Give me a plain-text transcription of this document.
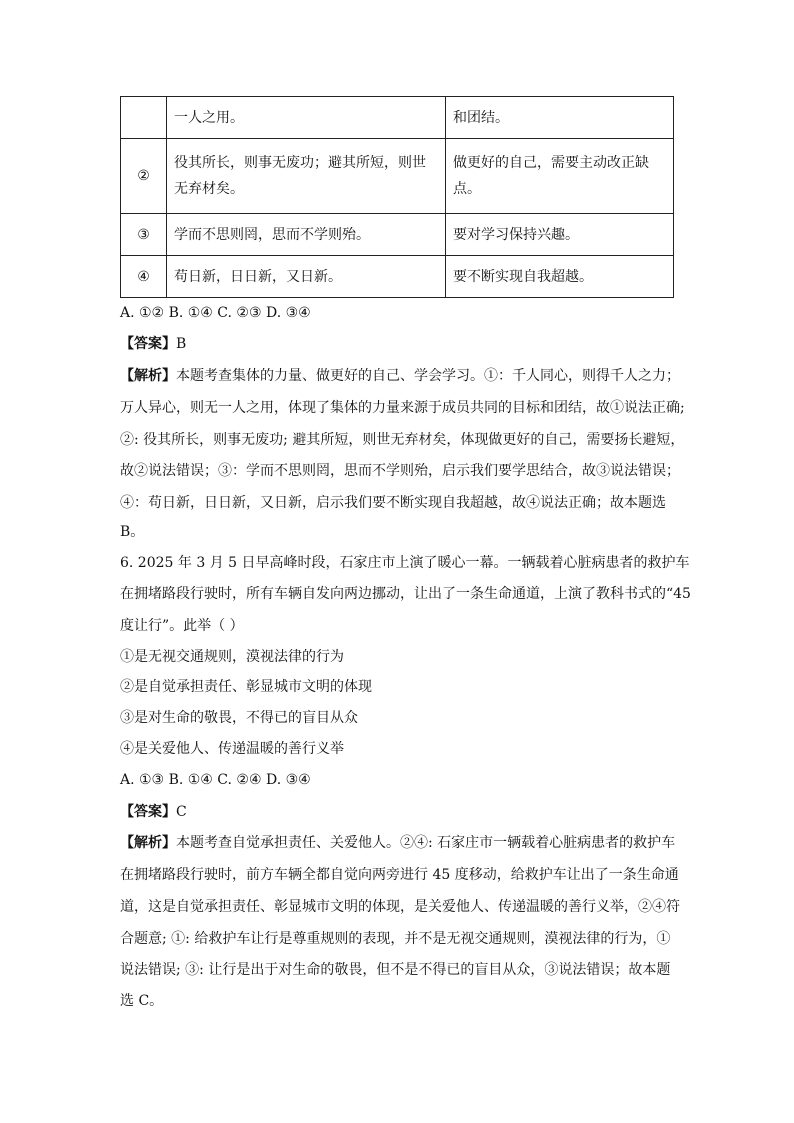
	一人之用。	和团结。
②	役其所长，则事无废功；避其所短，则世无弃材矣。	做更好的自己，需要主动改正缺点。
③	学而不思则罔，思而不学则殆。	要对学习保持兴趣。
④	苟日新，日日新，又日新。	要不断实现自我超越。
A. ①② B. ①④ C. ②③ D. ③④
【答案】B
【解析】本题考查集体的力量、做更好的自己、学会学习。①：千人同心，则得千人之力；
万人异心，则无一人之用，体现了集体的力量来源于成员共同的目标和团结，故①说法正确;
②: 役其所长，则事无废功; 避其所短，则世无弃材矣，体现做更好的自己，需要扬长避短，
故②说法错误；③：学而不思则罔，思而不学则殆，启示我们要学思结合，故③说法错误；
④：苟日新，日日新，又日新，启示我们要不断实现自我超越，故④说法正确；故本题选
B。
6. 2025 年 3 月 5 日早高峰时段，石家庄市上演了暖心一幕。一辆载着心脏病患者的救护车
在拥堵路段行驶时，所有车辆自发向两边挪动，让出了一条生命通道，上演了教科书式的“45
度让行”。此举（ ）
①是无视交通规则，漠视法律的行为
②是自觉承担责任、彰显城市文明的体现
③是对生命的敬畏，不得已的盲目从众
④是关爱他人、传递温暖的善行义举
A. ①③ B. ①④ C. ②④ D. ③④
【答案】C
【解析】本题考查自觉承担责任、关爱他人。②④: 石家庄市一辆载着心脏病患者的救护车
在拥堵路段行驶时，前方车辆全都自觉向两旁进行 45 度移动，给救护车让出了一条生命通
道，这是自觉承担责任、彰显城市文明的体现，是关爱他人、传递温暖的善行义举，②④符
合题意; ①: 给救护车让行是尊重规则的表现，并不是无视交通规则，漠视法律的行为，①
说法错误; ③: 让行是出于对生命的敬畏，但不是不得已的盲目从众，③说法错误；故本题
选 C。
